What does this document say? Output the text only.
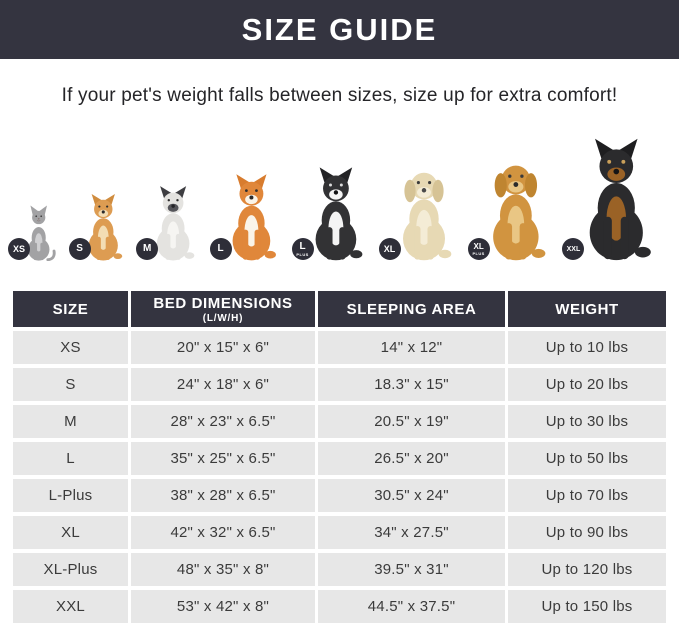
SIZE GUIDE
If your pet's weight falls between sizes, size up for extra comfort!
XS	S	M	L	L
PLUS
XL	XL
PLUS
XXL
SIZE	BED DIMENSIONS
(L/W/H)
SLEEPING AREA	WEIGHT
XS	20" x 15" x 6"	14" x 12"	Up to 10 lbs
S	24" x 18" x 6"	18.3" x 15"	Up to 20 lbs
M	28" x 23" x 6.5"	20.5" x 19"	Up to 30 lbs
L	35" x 25" x 6.5"	26.5" x 20"	Up to 50 lbs
L-Plus	38" x 28" x 6.5"	30.5" x 24"	Up to 70 lbs
XL	42" x 32" x 6.5"	34" x 27.5"	Up to 90 lbs
XL-Plus	48" x 35" x 8"	39.5" x 31"	Up to 120 lbs
XXL	53" x 42" x 8"	44.5" x 37.5"	Up to 150 lbs
